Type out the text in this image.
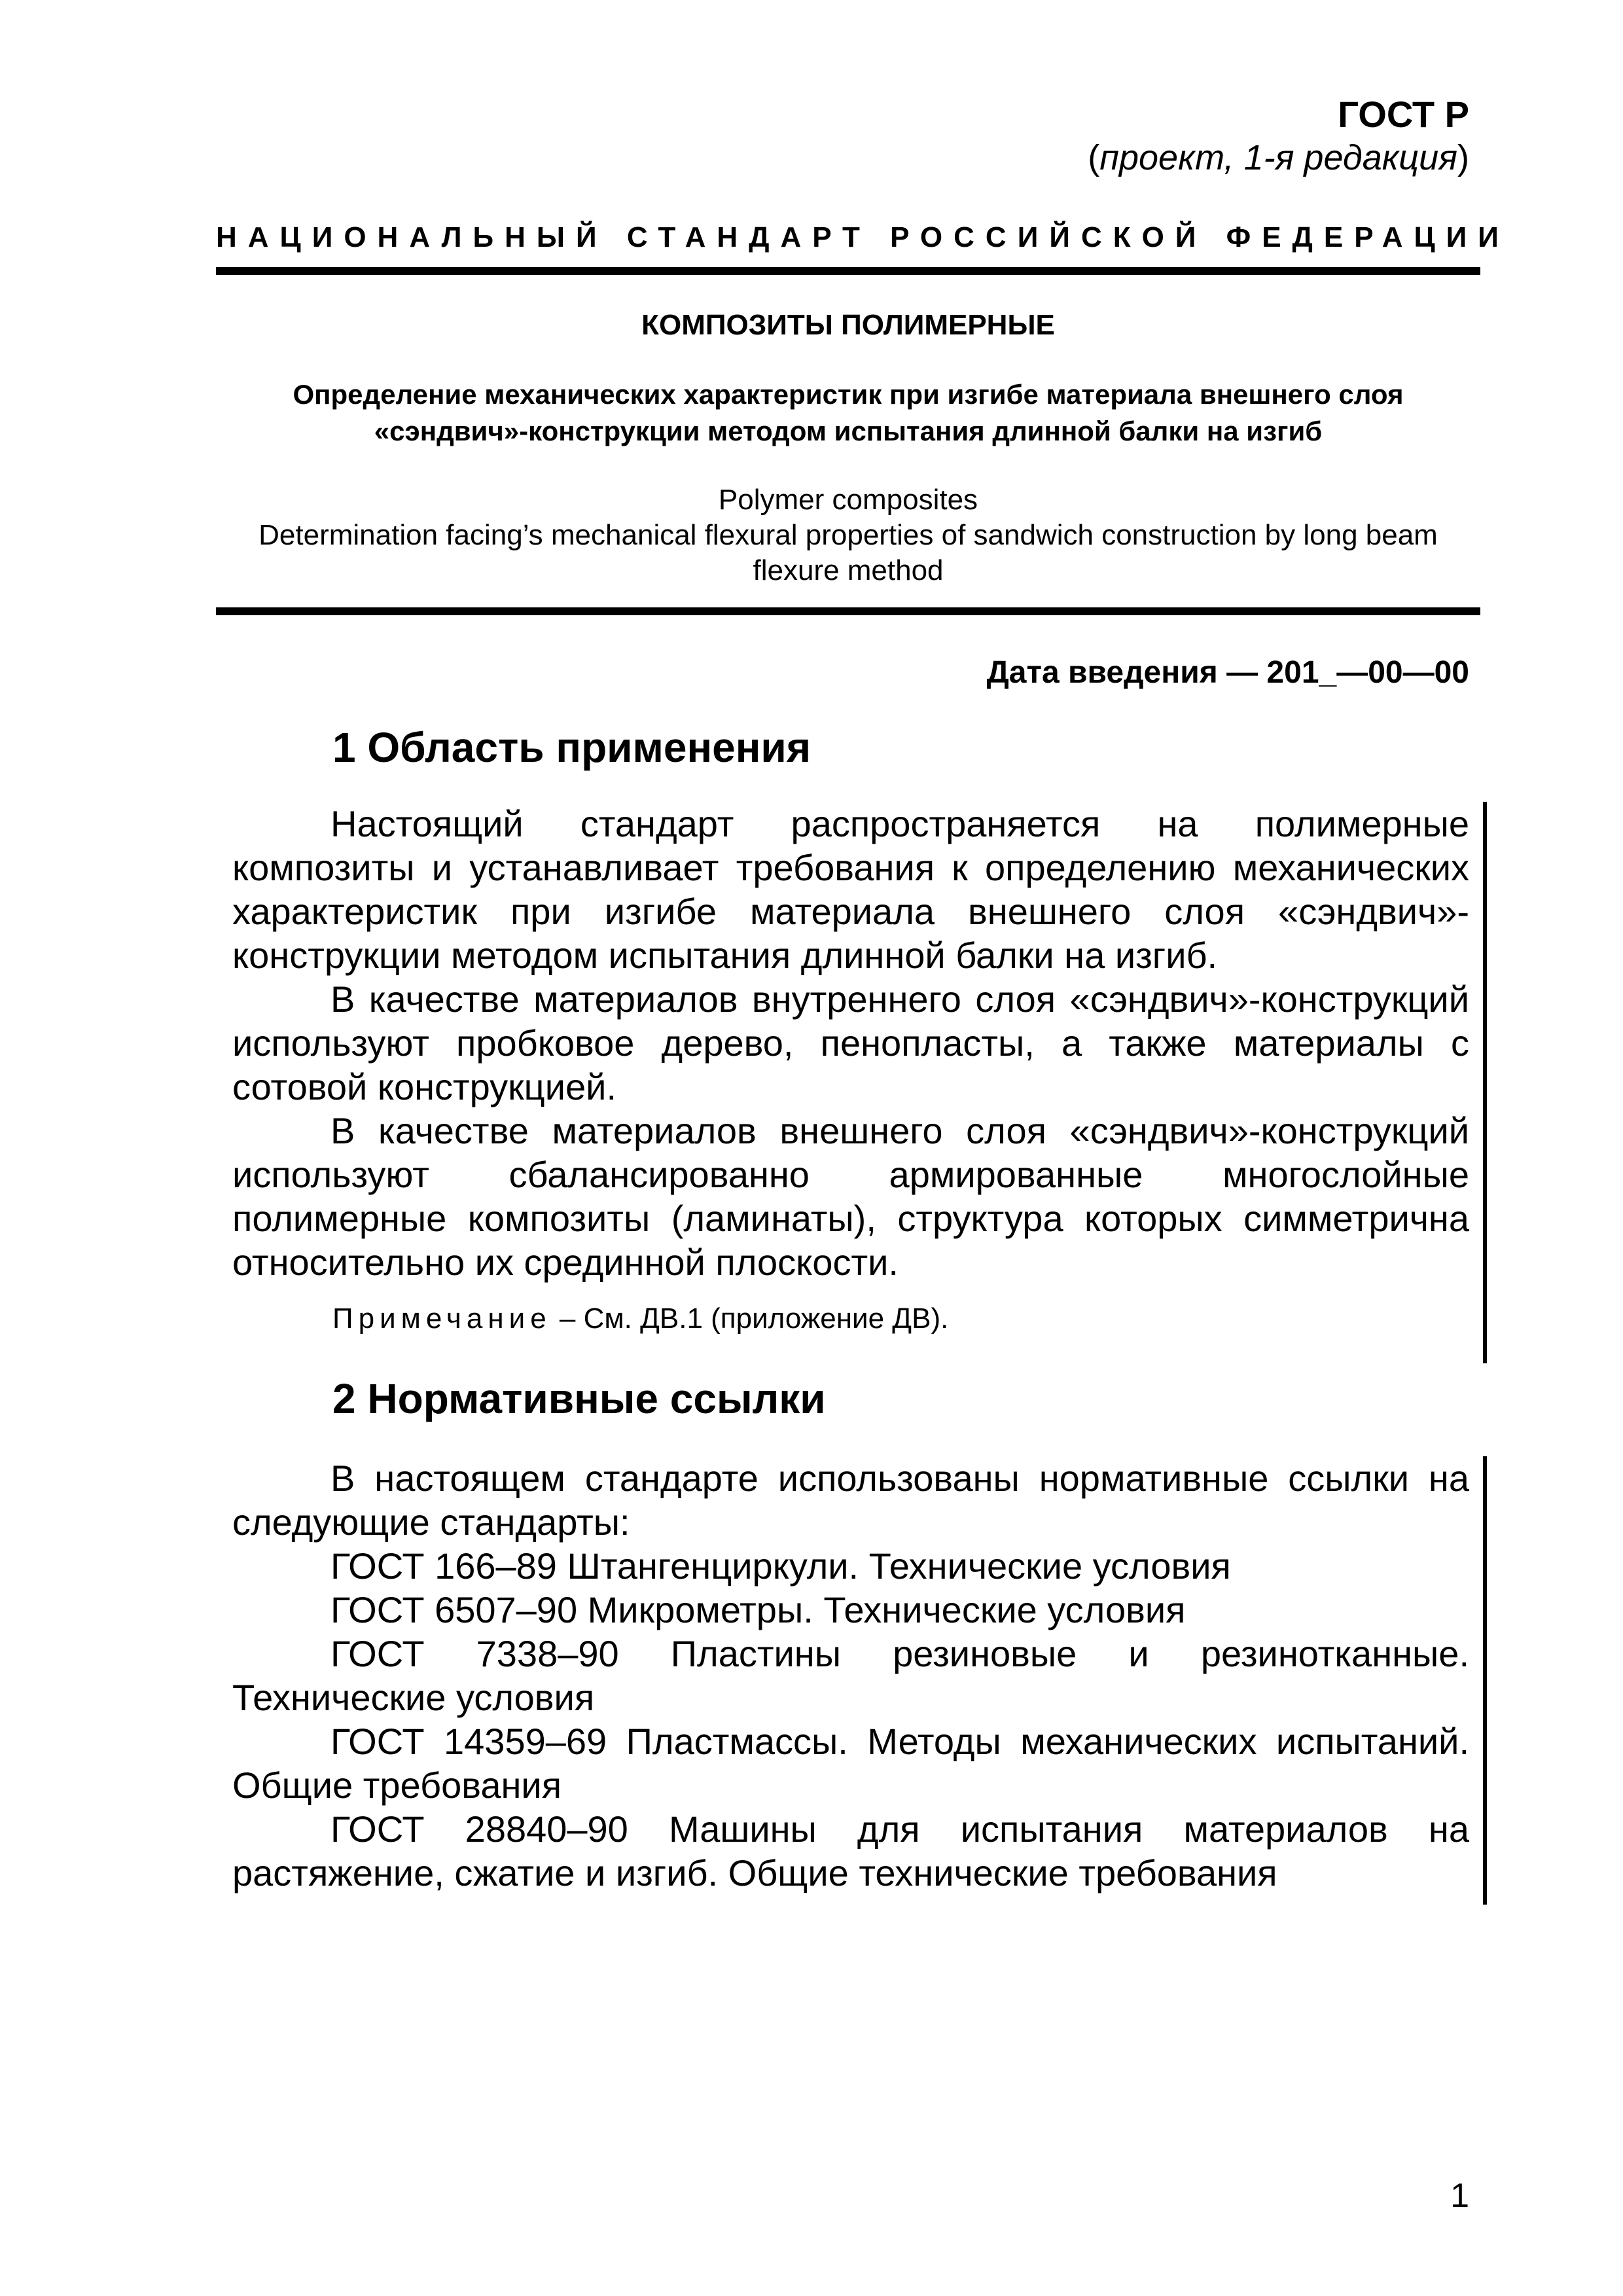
ГОСТ Р
(проект, 1-я редакция)
НАЦИОНАЛЬНЫЙ СТАНДАРТ РОССИЙСКОЙ ФЕДЕРАЦИИ
КОМПОЗИТЫ ПОЛИМЕРНЫЕ
Определение механических характеристик при изгибе материала внешнего слоя
«сэндвич»-конструкции методом испытания длинной балки на изгиб
Polymer composites
Determination facing’s mechanical flexural properties of sandwich construction by long beam
flexure method
Дата введения — 201_—00—00
1 Область применения
Настоящий стандарт распространяется на полимерные композиты и устанавливает требования к определению механических характеристик при изгибе материала внешнего слоя «сэндвич»-конструкции методом испытания длинной балки на изгиб.
В качестве материалов внутреннего слоя «сэндвич»-конструкций используют пробковое дерево, пенопласты, а также материалы с сотовой конструкцией.
В качестве материалов внешнего слоя «сэндвич»-конструкций используют сбалансированно армированные многослойные полимерные композиты (ламинаты), структура которых симметрична относительно их срединной плоскости.
Примечание – См. ДВ.1 (приложение ДВ).
2 Нормативные ссылки
В настоящем стандарте использованы нормативные ссылки на следующие стандарты:
ГОСТ 166–89 Штангенциркули. Технические условия
ГОСТ 6507–90 Микрометры. Технические условия
ГОСТ 7338–90 Пластины резиновые и резинотканные. Технические условия
ГОСТ 14359–69 Пластмассы. Методы механических испытаний. Общие требования
ГОСТ 28840–90 Машины для испытания материалов на растяжение, сжатие и изгиб. Общие технические требования
1
